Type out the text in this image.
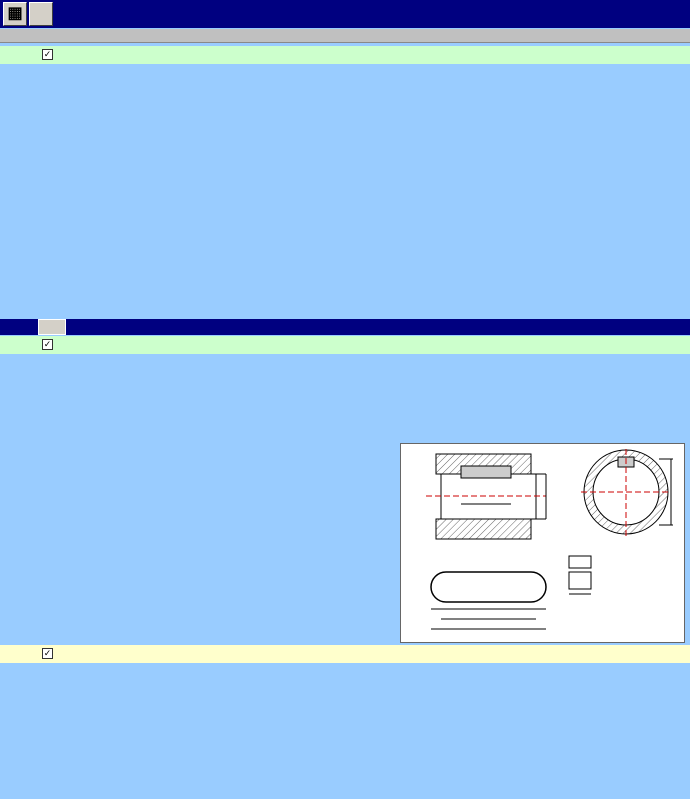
▦
✓
✓
✓
